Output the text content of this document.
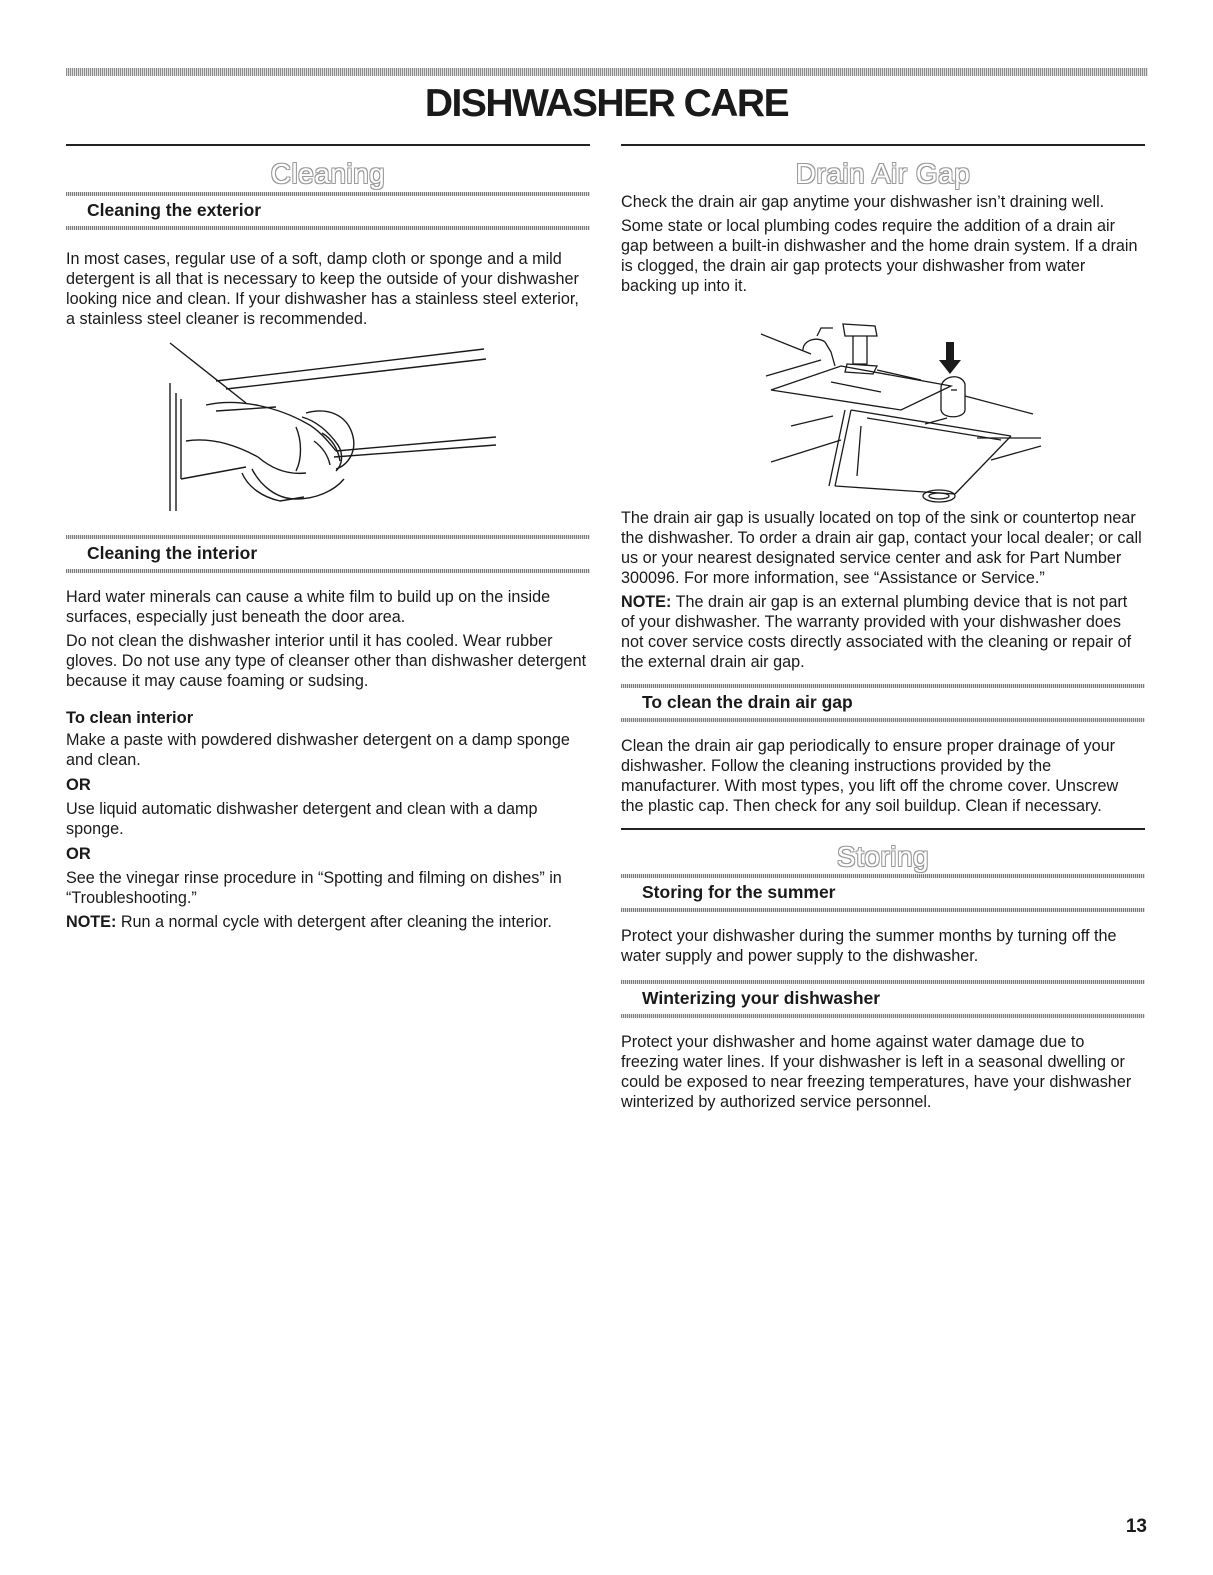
DISHWASHER CARE
Cleaning
Cleaning the exterior

In most cases, regular use of a soft, damp cloth or sponge and a mild detergent is all that is necessary to keep the outside of your dishwasher looking nice and clean. If your dishwasher has a stainless steel exterior, a stainless steel cleaner is recommended.

Cleaning the interior

Hard water minerals can cause a white film to build up on the inside surfaces, especially just beneath the door area.

Do not clean the dishwasher interior until it has cooled. Wear rubber gloves. Do not use any type of cleanser other than dishwasher detergent because it may cause foaming or sudsing.

To clean interior

Make a paste with powdered dishwasher detergent on a damp sponge and clean.

OR

Use liquid automatic dishwasher detergent and clean with a damp sponge.

OR

See the vinegar rinse procedure in “Spotting and filming on dishes” in “Troubleshooting.”

NOTE: Run a normal cycle with detergent after cleaning the interior.

Drain Air Gap

Check the drain air gap anytime your dishwasher isn’t draining well.

Some state or local plumbing codes require the addition of a drain air gap between a built-in dishwasher and the home drain system. If a drain is clogged, the drain air gap protects your dishwasher from water backing up into it.

The drain air gap is usually located on top of the sink or countertop near the dishwasher. To order a drain air gap, contact your local dealer; or call us or your nearest designated service center and ask for Part Number 300096. For more information, see “Assistance or Service.”

NOTE: The drain air gap is an external plumbing device that is not part of your dishwasher. The warranty provided with your dishwasher does not cover service costs directly associated with the cleaning or repair of the external drain air gap.

To clean the drain air gap

Clean the drain air gap periodically to ensure proper drainage of your dishwasher. Follow the cleaning instructions provided by the manufacturer. With most types, you lift off the chrome cover. Unscrew the plastic cap. Then check for any soil buildup. Clean if necessary.

Storing
Storing for the summer

Protect your dishwasher during the summer months by turning off the water supply and power supply to the dishwasher.

Winterizing your dishwasher

Protect your dishwasher and home against water damage due to freezing water lines. If your dishwasher is left in a seasonal dwelling or could be exposed to near freezing temperatures, have your dishwasher winterized by authorized service personnel.

13
